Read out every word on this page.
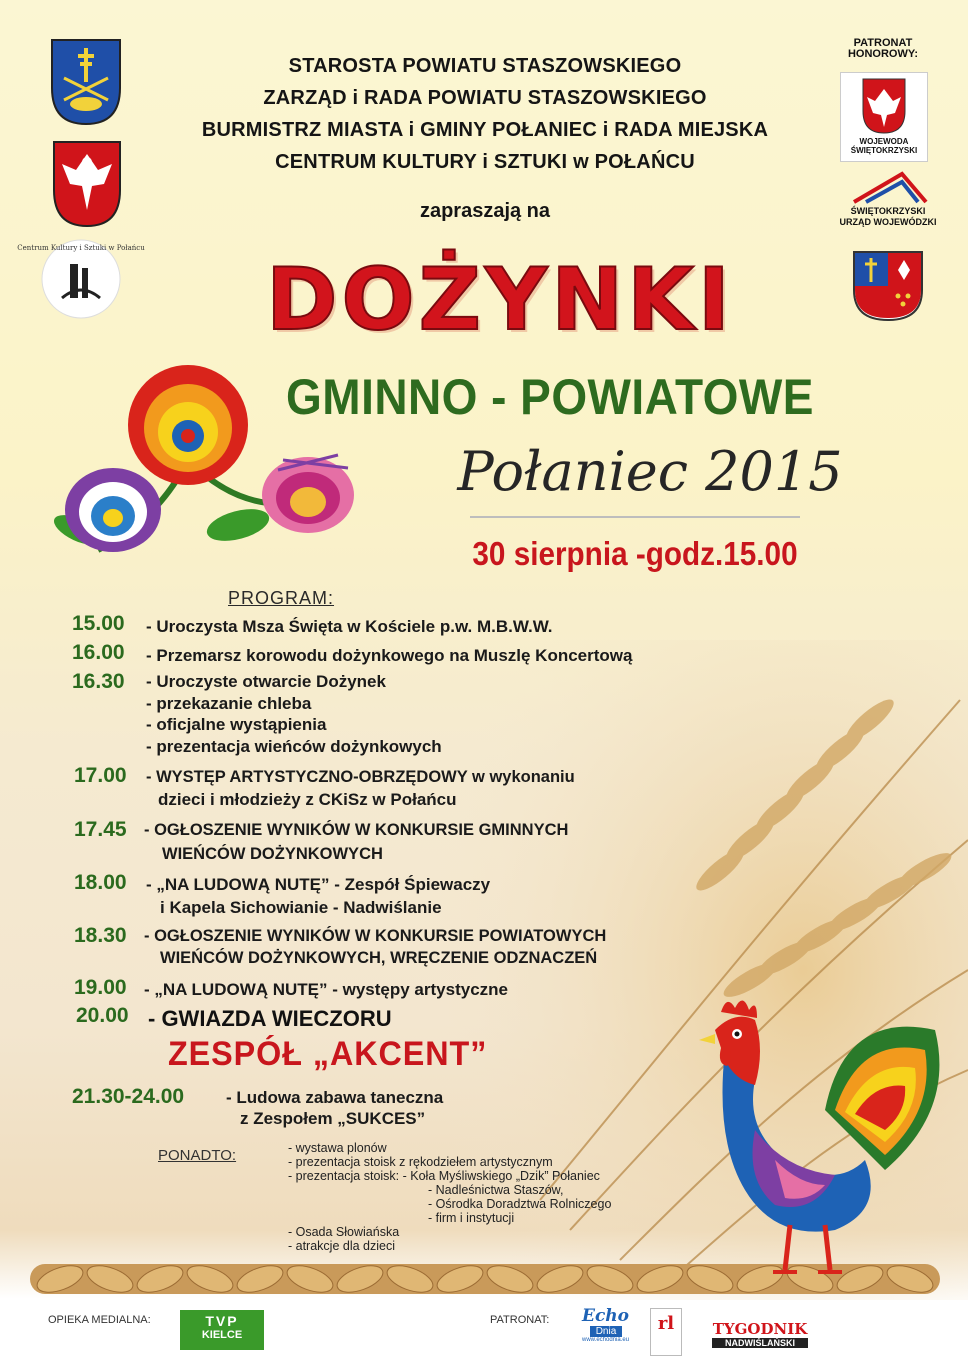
Centrum Kultury i Sztuki w Połańcu
PATRONAT HONOROWY:
WOJEWODA ŚWIĘTOKRZYSKI
ŚWIĘTOKRZYSKI URZĄD WOJEWÓDZKI
STAROSTA POWIATU STASZOWSKIEGO
ZARZĄD i RADA POWIATU STASZOWSKIEGO
BURMISTRZ MIASTA i GMINY POŁANIEC i RADA MIEJSKA
CENTRUM KULTURY i SZTUKI w POŁAŃCU
zapraszają na
DOŻYNKI
GMINNO - POWIATOWE
Połaniec 2015
30 sierpnia -godz.15.00
PROGRAM:
15.00 - Uroczysta Msza Święta w Kościele p.w. M.B.W.W.
16.00 - Przemarsz korowodu dożynkowego na Muszlę Koncertową
16.30 - Uroczyste otwarcie Dożynek
- przekazanie chleba
- oficjalne wystąpienia
- prezentacja wieńców dożynkowych
17.00 - WYSTĘP ARTYSTYCZNO-OBRZĘDOWY w wykonaniu
dzieci i młodzieży z CKiSz w Połańcu
17.45 - OGŁOSZENIE WYNIKÓW W KONKURSIE GMINNYCH
WIEŃCÓW DOŻYNKOWYCH
18.00 - „NA LUDOWĄ NUTĘ” - Zespół Śpiewaczy
i Kapela Sichowianie - Nadwiślanie
18.30 - OGŁOSZENIE WYNIKÓW W KONKURSIE POWIATOWYCH
WIEŃCÓW DOŻYNKOWYCH, WRĘCZENIE ODZNACZEŃ
19.00 - „NA LUDOWĄ NUTĘ” - występy artystyczne
20.00 - GWIAZDA WIECZORU
ZESPÓŁ „AKCENT”
21.30-24.00 - Ludowa zabawa taneczna
z Zespołem „SUKCES”
PONADTO:	- wystawa plonów
- prezentacja stoisk z rękodziełem artystycznym
- prezentacja stoisk: - Koła Myśliwskiego „Dzik” Połaniec
- Nadleśnictwa Staszów,
- Ośrodka Doradztwa Rolniczego
- firm i instytucji
- Osada Słowiańska
- atrakcje dla dzieci
OPIEKA MEDIALNA:	TVP
KIELCE
PATRONAT: Echo
Dnia
www.echodnia.eu
rl	TYGODNIK
NADWIŚLAŃSKI
